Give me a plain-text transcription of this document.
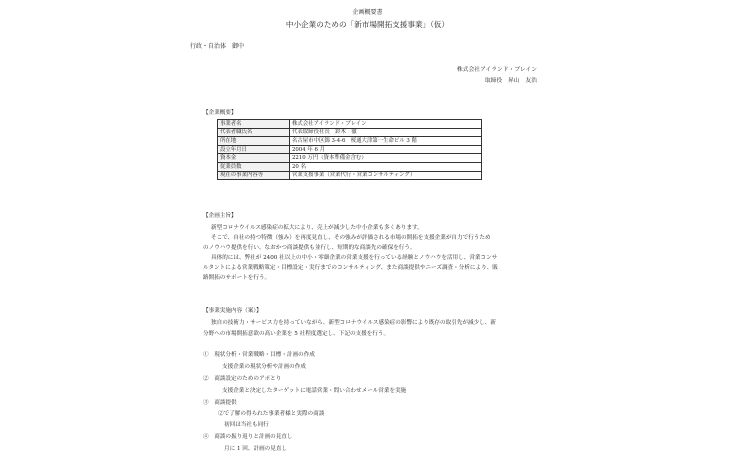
企画概要書
中小企業のための「新市場開拓支援事業」（仮）
行政・自治体　御中
株式会社アイランド・ブレイン
取締役　昇山　友浩
【企業概要】
事業者名	株式会社アイランド・ブレイン
代表者職氏名	代表取締役社長　鈴木　徹
所在地	名古屋市中区錦 3-4-6　桜通大津第一生命ビル 3 階
設立年月日	2004 年 6 月
資本金	2210 万円（資本準備金含む）
従業員数	20 名
現在の事業内容等	営業支援事業（営業代行・営業コンサルティング）
【企画主旨】
新型コロナウイルス感染症の拡大により、売上が減少した中小企業も多くあります。
そこで、自社の持つ特徴（強み）を再度見直し、その強みが評価される市場の開拓を支援企業が自力で行うため
のノウハウ提供を行い、なおかつ商談提供も並行し、短期的な商談先の確保を行う。
具体的には、弊社が 2400 社以上の中小・零細企業の営業支援を行っている経験とノウハウを活用し、営業コンサ
ルタントによる営業戦略策定・目標設定・実行までのコンサルティング、また商談提供やニーズ調査・分析により、販
路開拓のサポートを行う。
【事業実施内容（案）】
独自の技術力・サービス力を持っていながら、新型コロナウイルス感染症の影響により既存の取引先が減少し、新
分野への市場開拓意欲の高い企業を 5 社程度選定し、下記の支援を行う。
①　現状分析・営業戦略・目標・計画の作成
支援企業の現状分析や計画の作成
②　商談設定のためのアポとり
支援企業と決定したターゲットに電話営業・問い合わせメール営業を実施
③　商談提供
②で了解の得られた事業者様と実際の商談
初回は当社も同行
④　商談の振り返りと計画の見直し
月に 1 回、計画の見直し
